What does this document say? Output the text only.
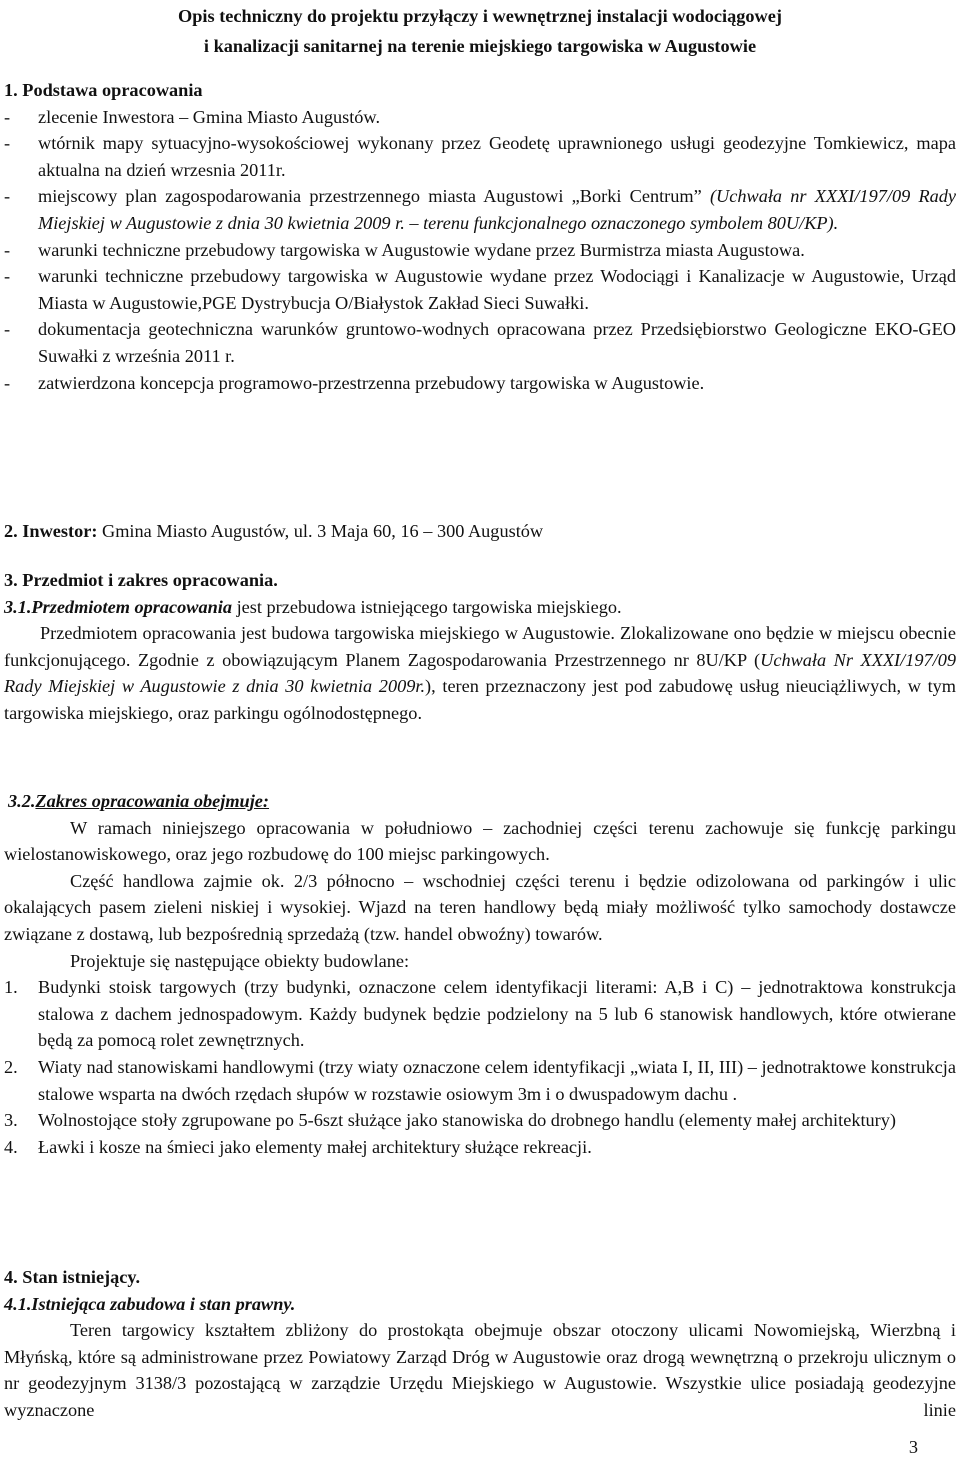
Opis techniczny do projektu przyłączy i wewnętrznej instalacji wodociągowej

i kanalizacji sanitarnej na terenie miejskiego targowiska w Augustowie

1. Podstawa opracowania

-	zlecenie Inwestora – Gmina Miasto Augustów.
-	wtórnik mapy sytuacyjno-wysokościowej wykonany przez Geodetę uprawnionego usługi geodezyjne Tomkiewicz, mapa aktualna na dzień wrzesnia 2011r.
-	miejscowy plan zagospodarowania przestrzennego miasta Augustowi „Borki Centrum” (Uchwała nr XXXI/197/09 Rady Miejskiej w Augustowie z dnia 30 kwietnia 2009 r. – terenu funkcjonalnego oznaczonego symbolem 80U/KP).
-	warunki techniczne przebudowy targowiska w Augustowie wydane przez Burmistrza miasta Augustowa.
-	warunki techniczne przebudowy targowiska w Augustowie wydane przez Wodociągi i Kanalizacje w Augustowie, Urząd Miasta w Augustowie,PGE Dystrybucja O/Białystok Zakład Sieci Suwałki.
-	dokumentacja geotechniczna warunków gruntowo-wodnych opracowana przez Przedsiębiorstwo Geologiczne EKO-GEO Suwałki z września 2011 r.
-	zatwierdzona koncepcja programowo-przestrzenna przebudowy targowiska w Augustowie.

2. Inwestor: Gmina Miasto Augustów, ul. 3 Maja 60, 16 – 300 Augustów

3. Przedmiot i zakres opracowania.

3.1.Przedmiotem opracowania jest przebudowa istniejącego targowiska miejskiego.

Przedmiotem opracowania jest budowa targowiska miejskiego w Augustowie. Zlokalizowane ono będzie w miejscu obecnie funkcjonującego. Zgodnie z obowiązującym Planem Zagospodarowania Przestrzennego nr 8U/KP (Uchwała Nr XXXI/197/09 Rady Miejskiej w Augustowie z dnia 30 kwietnia 2009r.), teren przeznaczony jest pod zabudowę usług nieuciążliwych, w tym targowiska miejskiego, oraz parkingu ogólnodostępnego.

3.2.Zakres opracowania obejmuje:

W ramach niniejszego opracowania w południowo – zachodniej części terenu zachowuje się funkcję parkingu wielostanowiskowego, oraz jego rozbudowę do 100 miejsc parkingowych.

Część handlowa zajmie ok. 2/3 północno – wschodniej części terenu i będzie odizolowana od parkingów i ulic okalających pasem zieleni niskiej i wysokiej. Wjazd na teren handlowy będą miały możliwość tylko samochody dostawcze związane z dostawą, lub bezpośrednią sprzedażą (tzw. handel obwoźny) towarów.

Projektuje się następujące obiekty budowlane:

1.	Budynki stoisk targowych (trzy budynki, oznaczone celem identyfikacji literami: A,B i C) – jednotraktowa konstrukcja stalowa z dachem jednospadowym. Każdy budynek będzie podzielony na 5 lub 6 stanowisk handlowych, które otwierane będą za pomocą rolet zewnętrznych.
2.	Wiaty nad stanowiskami handlowymi (trzy wiaty oznaczone celem identyfikacji „wiata I, II, III) – jednotraktowe konstrukcja stalowe wsparta na dwóch rzędach słupów w rozstawie osiowym 3m i o dwuspadowym dachu .
3.	Wolnostojące stoły zgrupowane po 5-6szt służące jako stanowiska do drobnego handlu (elementy małej architektury)
4.	Ławki i kosze na śmieci jako elementy małej architektury służące rekreacji.

4. Stan istniejący.

4.1.Istniejąca zabudowa i stan prawny.

Teren targowicy kształtem zbliżony do prostokąta obejmuje obszar otoczony ulicami Nowomiejską, Wierzbną i Młyńską, które są administrowane przez Powiatowy Zarząd Dróg w Augustowie oraz drogą wewnętrzną o przekroju ulicznym o nr geodezyjnym 3138/3 pozostającą w zarządzie Urzędu Miejskiego w Augustowie. Wszystkie ulice posiadają geodezyjne wyznaczone linie

3
